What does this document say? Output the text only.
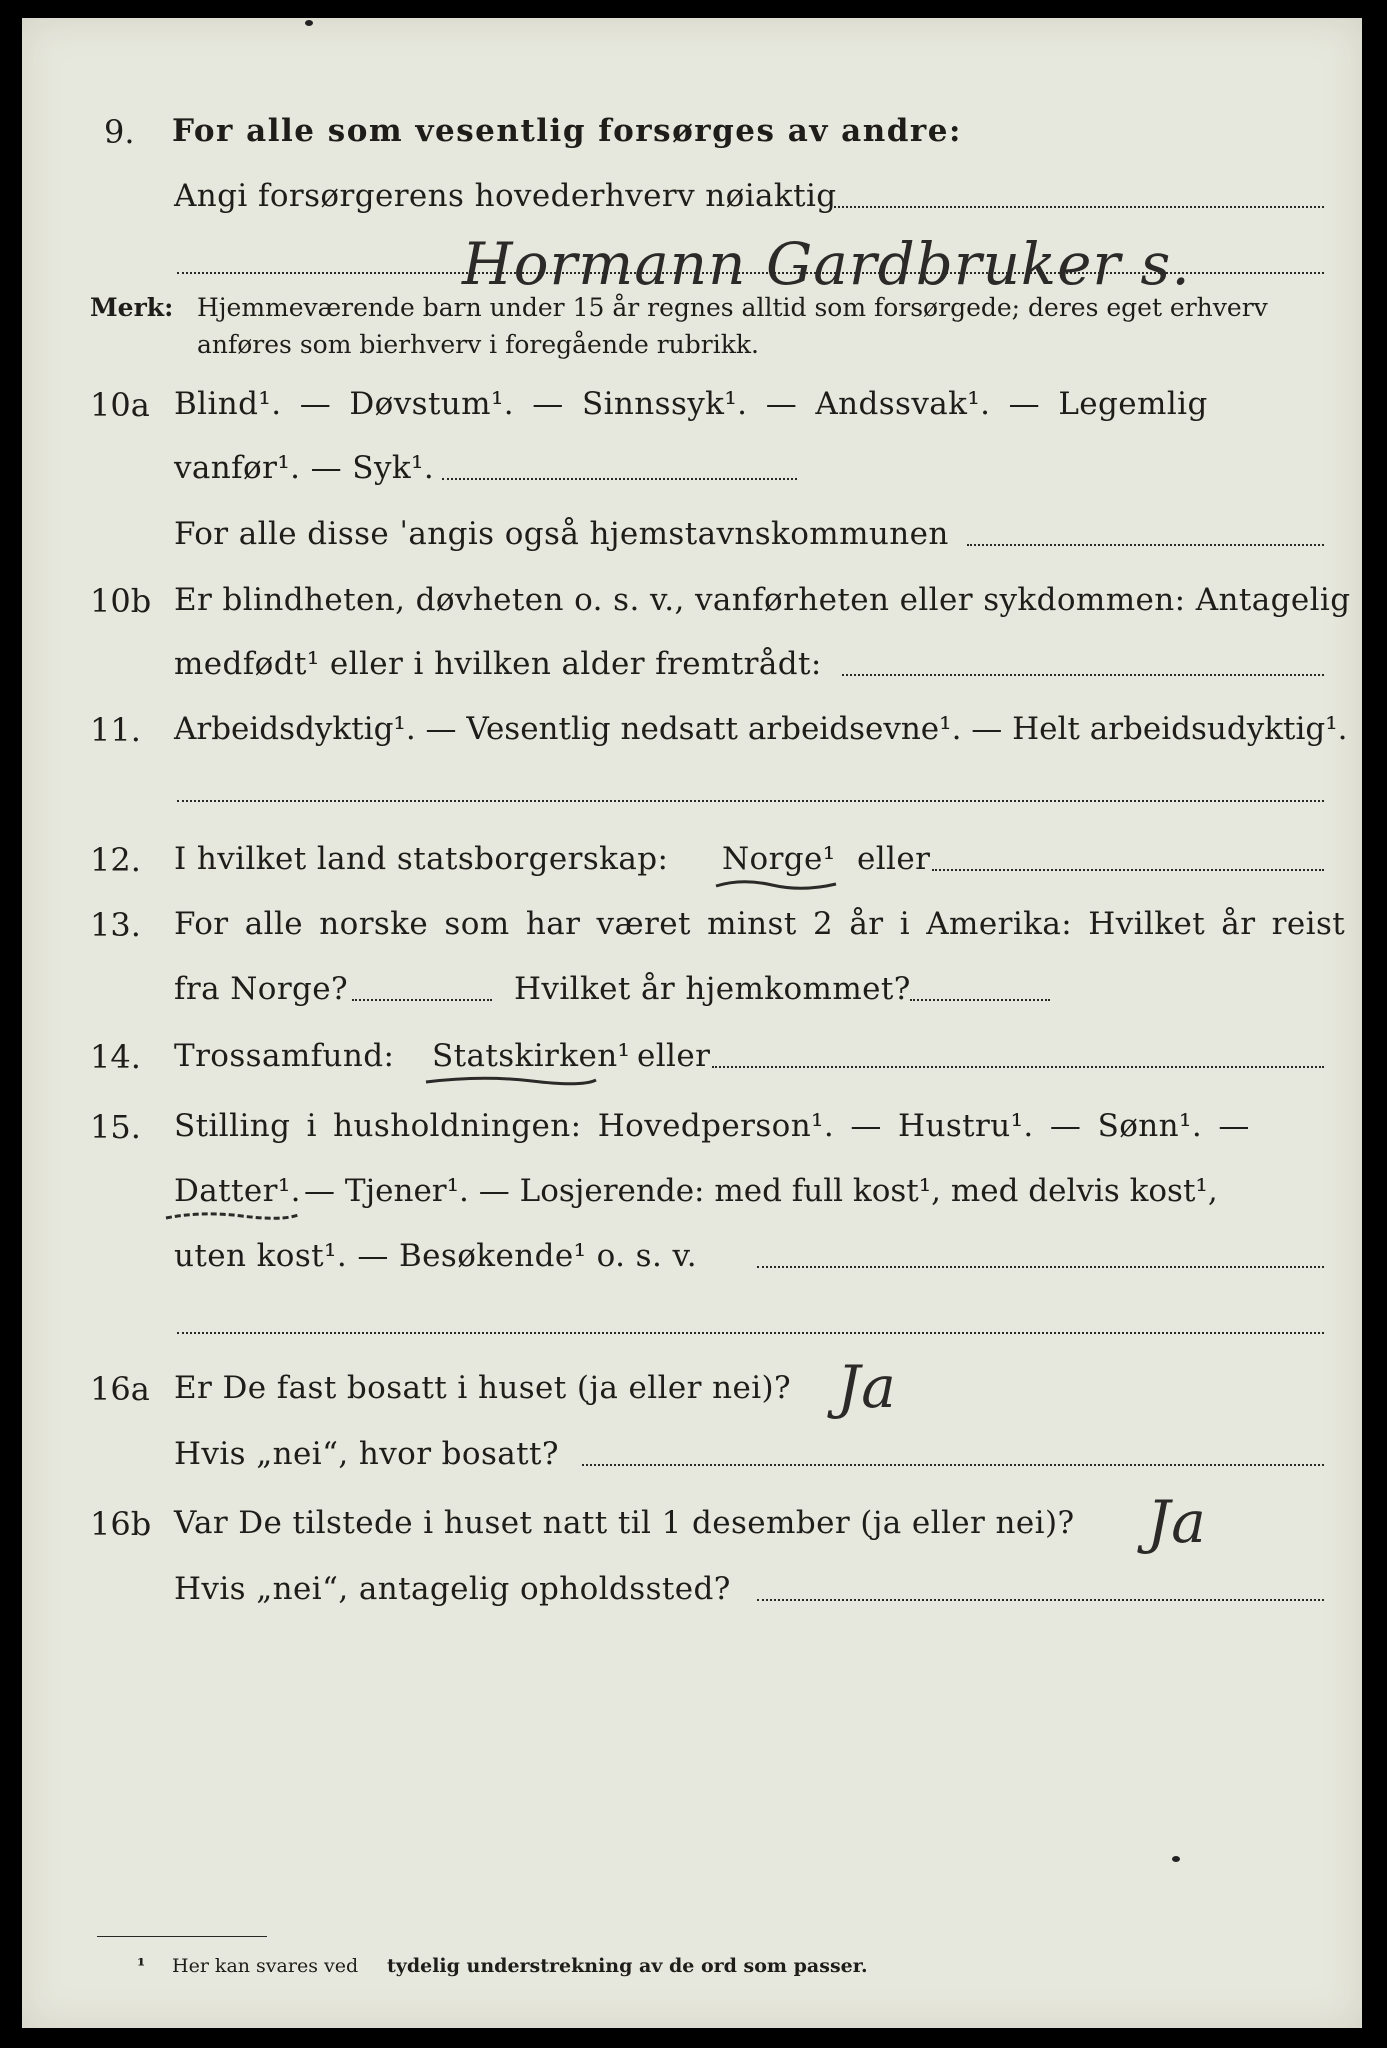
9. For alle som vesentlig forsørges av andre:
Angi forsørgerens hovederhverv nøiaktig
Hormann Gardbruker s.
Merk: Hjemmeværende barn under 15 år regnes alltid som forsørgede; deres eget erhverv
anføres som bierhverv i foregående rubrikk.
10a Blind¹. — Døvstum¹. — Sinnssyk¹. — Andssvak¹. — Legemlig
vanfør¹. — Syk¹.
For alle disse ˈangis også hjemstavnskommunen
10b Er blindheten, døvheten o. s. v., vanførheten eller sykdommen: Antagelig
medfødt¹ eller i hvilken alder fremtrådt:
11. Arbeidsdyktig¹. — Vesentlig nedsatt arbeidsevne¹. — Helt arbeidsudyktig¹.
12. I hvilket land statsborgerskap: Norge¹ eller
13. For alle norske som har været minst 2 år i Amerika: Hvilket år reist
fra Norge?	Hvilket år hjemkommet?
14. Trossamfund: Statskirken¹ eller
15. Stilling i husholdningen: Hovedperson¹. — Hustru¹. — Sønn¹. —
Datter¹. — Tjener¹. — Losjerende: med full kost¹, med delvis kost¹,
uten kost¹. — Besøkende¹ o. s. v.
16a Er De fast bosatt i huset (ja eller nei)? Ja
Hvis „nei“, hvor bosatt?
16b Var De tilstede i huset natt til 1 desember (ja eller nei)? Ja
Hvis „nei“, antagelig opholdssted?
¹ Her kan svares ved tydelig understrekning av de ord som passer.
